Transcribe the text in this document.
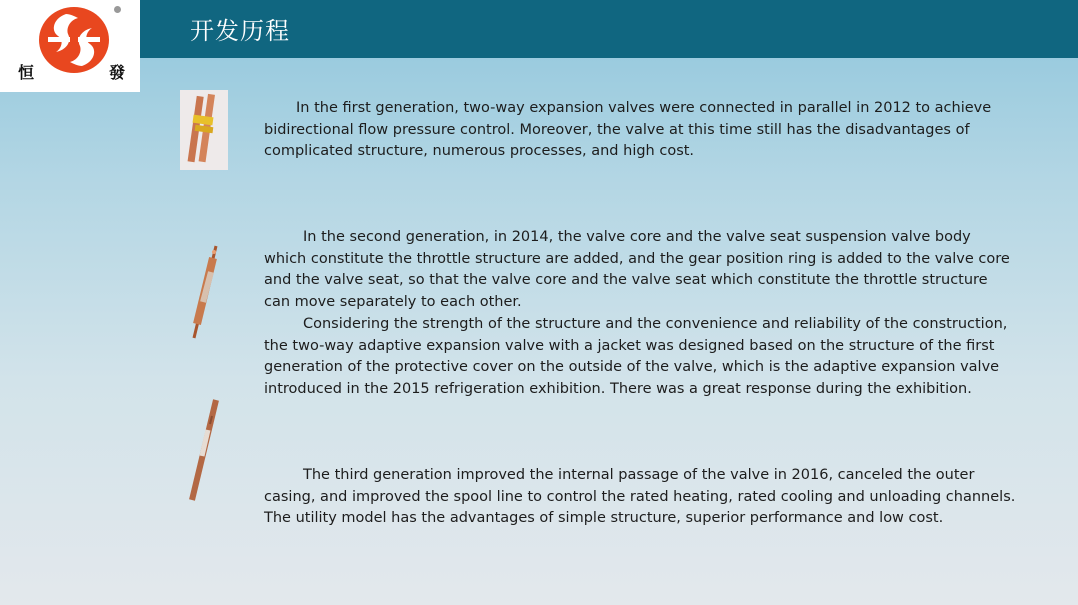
开发历程
恒	發

In the first generation, two-way expansion valves were connected in parallel in 2012 to achieve bidirectional flow pressure control. Moreover, the valve at this time still has the disadvantages of complicated structure, numerous processes, and high cost.

In the second generation, in 2014, the valve core and the valve seat suspension valve body which constitute the throttle structure are added, and the gear position ring is added to the valve core and the valve seat, so that the valve core and the valve seat which constitute the throttle structure can move separately to each other.

Considering the strength of the structure and the convenience and reliability of the construction, the two-way adaptive expansion valve with a jacket was designed based on the structure of the first generation of the protective cover on the outside of the valve, which is the adaptive expansion valve introduced in the 2015 refrigeration exhibition. There was a great response during the exhibition.

The third generation improved the internal passage of the valve in 2016, canceled the outer casing, and improved the spool line to control the rated heating, rated cooling and unloading channels. The utility model has the advantages of simple structure, superior performance and low cost.
